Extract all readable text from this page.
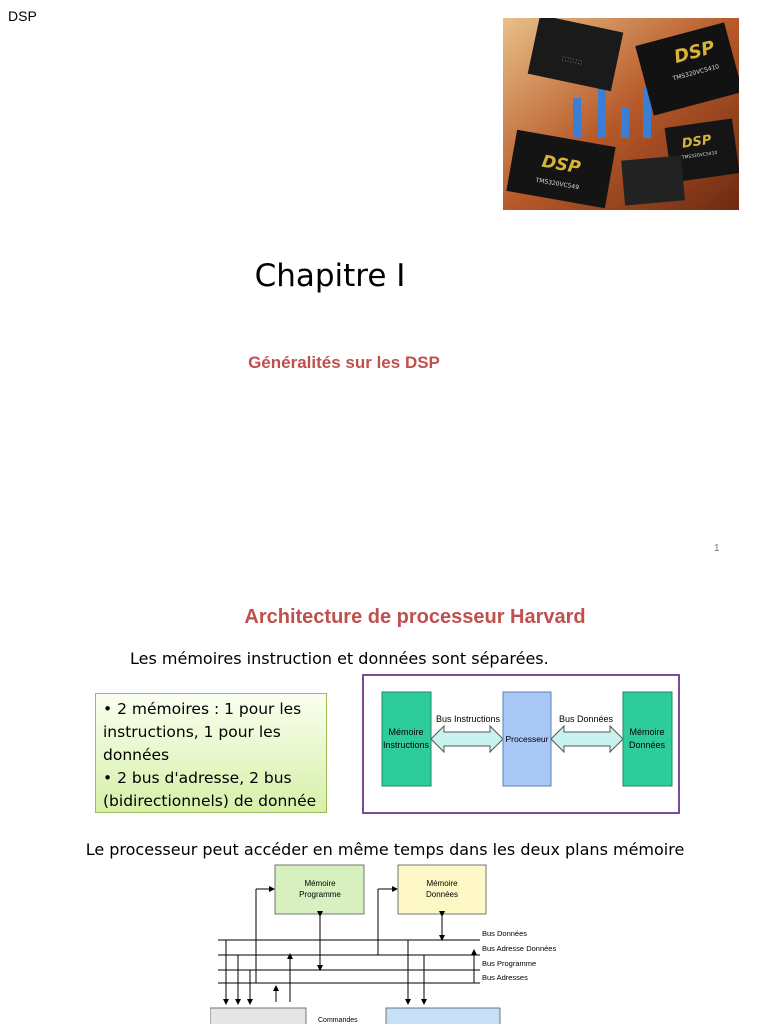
DSP
::::::::	DSP
TMS320VC5410
DSP
TMS320VC5410
DSP
TMS320VC549
Chapitre I
Généralités sur les DSP
1
Architecture de processeur Harvard
Les mémoires instruction et données sont séparées.
• 2 mémoires : 1 pour les instructions, 1 pour les données
• 2 bus d'adresse, 2 bus (bidirectionnels) de donnée
Mémoire
Instructions
Bus Instructions
Processeur
Bus Données
Mémoire
Données
Le processeur peut accéder en même temps dans les deux plans mémoire
Mémoire
Programme
Mémoire
Données
Bus Données
Bus Adresse Données
Bus Programme
Bus Adresses
Commandes
